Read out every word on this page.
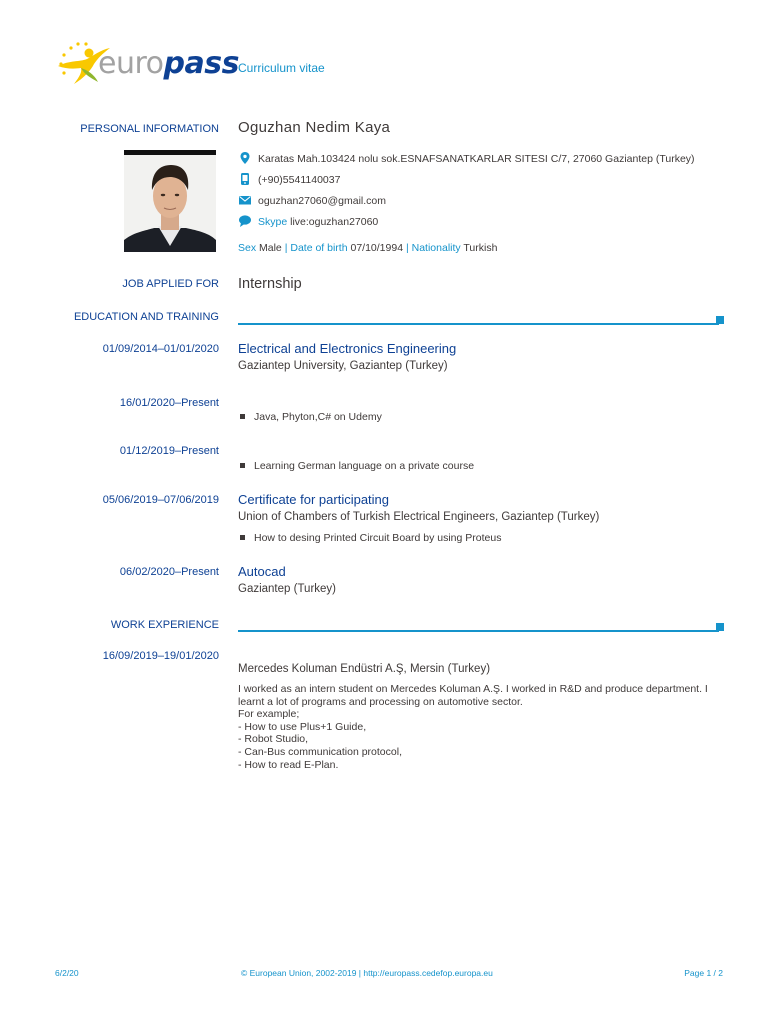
europass Curriculum vitae
PERSONAL INFORMATION Oguzhan Nedim Kaya
Karatas Mah.103424 nolu sok.ESNAFSANATKARLAR SITESI C/7, 27060 Gaziantep (Turkey)
(+90)5541140037
oguzhan27060@gmail.com
Skype live:oguzhan27060
Sex Male | Date of birth 07/10/1994 | Nationality Turkish
JOB APPLIED FOR Internship
EDUCATION AND TRAINING
01/09/2014–01/01/2020 Electrical and Electronics Engineering
Gaziantep University, Gaziantep (Turkey)
16/01/2020–Present
Java, Phyton,C# on Udemy
01/12/2019–Present
Learning German language on a private course
05/06/2019–07/06/2019 Certificate for participating
Union of Chambers of Turkish Electrical Engineers, Gaziantep (Turkey)
How to desing Printed Circuit Board by using Proteus
06/02/2020–Present Autocad
Gaziantep (Turkey)
WORK EXPERIENCE
16/09/2019–19/01/2020
Mercedes Koluman Endüstri A.Ş, Mersin (Turkey)
I worked as an intern student on Mercedes Koluman A.Ş. I worked in R&D and produce department. I learnt a lot of programs and processing on automotive sector.
For example;
- How to use Plus+1 Guide,
- Robot Studio,
- Can-Bus communication protocol,
- How to read E-Plan.
6/2/20	© European Union, 2002-2019 | http://europass.cedefop.europa.eu	Page 1 / 2
